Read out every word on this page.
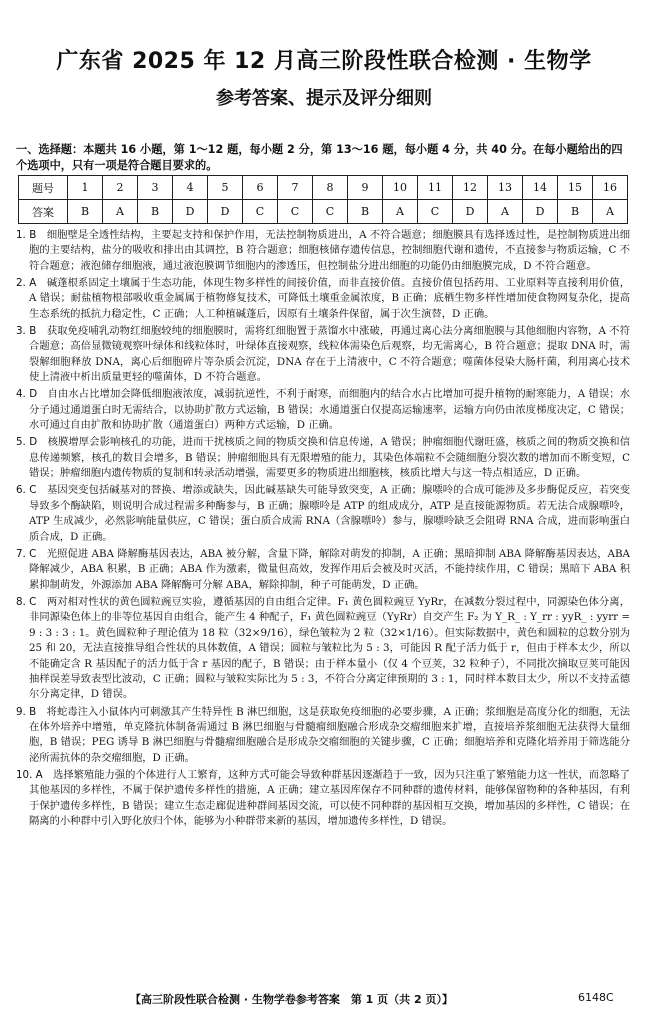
广东省 2025 年 12 月高三阶段性联合检测 · 生物学
参考答案、提示及评分细则
一、选择题：本题共 16 小题，第 1～12 题，每小题 2 分，第 13～16 题，每小题 4 分，共 40 分。在每小题给出的四个选项中，只有一项是符合题目要求的。
题号	1	2	3	4	5	6	7	8	9	10	11	12	13	14	15	16
答案	B	A	B	D	D	C	C	C	B	A	C	D	A	D	B	A

1. B　 细胞壁是全透性结构，主要起支持和保护作用，无法控制物质进出，A 不符合题意；细胞膜具有选择透过性，是控制物质进出细胞的主要结构，盐分的吸收和排出由其调控，B 符合题意；细胞核储存遗传信息，控制细胞代谢和遗传，不直接参与物质运输，C 不符合题意；液泡储存细胞液，通过液泡膜调节细胞内的渗透压，但控制盐分进出细胞的功能仍由细胞膜完成，D 不符合题意。

2. A　 碱蓬根系固定土壤属于生态功能，体现生物多样性的间接价值，而非直接价值。直接价值包括药用、工业原料等直接利用价值，A 错误；耐盐植物根部吸收重金属属于植物修复技术，可降低土壤重金属浓度，B 正确；底栖生物多样性增加使食物网复杂化，提高生态系统的抵抗力稳定性，C 正确；人工种植碱蓬后，因原有土壤条件保留，属于次生演替，D 正确。

3. B　 获取免疫哺乳动物红细胞较纯的细胞膜时，需将红细胞置于蒸馏水中涨破，再通过离心法分离细胞膜与其他细胞内容物，A 不符合题意；高倍显微镜观察叶绿体和线粒体时，叶绿体直接观察，线粒体需染色后观察，均无需离心，B 符合题意；提取 DNA 时，需裂解细胞释放 DNA，离心后细胞碎片等杂质会沉淀，DNA 存在于上清液中，C 不符合题意；噬菌体侵染大肠杆菌，利用离心技术使上清液中析出质量更轻的噬菌体，D 不符合题意。

4. D　 自由水占比增加会降低细胞液浓度，减弱抗逆性，不利于耐寒，而细胞内的结合水占比增加可提升植物的耐寒能力，A 错误；水分子通过通道蛋白时无需结合，以协助扩散方式运输，B 错误；水通道蛋白仅提高运输速率，运输方向仍由浓度梯度决定，C 错误；水可通过自由扩散和协助扩散（通道蛋白）两种方式运输，D 正确。

5. D　 核膜增厚会影响核孔的功能，进而干扰核质之间的物质交换和信息传递，A 错误；肿瘤细胞代谢旺盛，核质之间的物质交换和信息传递频繁，核孔的数目会增多，B 错误；肿瘤细胞具有无限增殖的能力，其染色体端粒不会随细胞分裂次数的增加而不断变短，C 错误；肿瘤细胞内遗传物质的复制和转录活动增强，需要更多的物质进出细胞核，核质比增大与这一特点相适应，D 正确。

6. C　 基因突变包括碱基对的替换、增添或缺失，因此碱基缺失可能导致突变，A 正确；腺嘌呤的合成可能涉及多步酶促反应，若突变导致多个酶缺陷，则说明合成过程需多种酶参与，B 正确；腺嘌呤是 ATP 的组成成分，ATP 是直接能源物质。若无法合成腺嘌呤，ATP 生成减少，必然影响能量供应，C 错误；蛋白质合成需 RNA（含腺嘌呤）参与，腺嘌呤缺乏会阻碍 RNA 合成，进而影响蛋白质合成，D 正确。

7. C　 光照促进 ABA 降解酶基因表达，ABA 被分解，含量下降，解除对萌发的抑制，A 正确；黑暗抑制 ABA 降解酶基因表达，ABA 降解减少，ABA 积累，B 正确；ABA 作为激素，微量但高效，发挥作用后会被及时灭活，不能持续作用，C 错误；黑暗下 ABA 积累抑制萌发，外源添加 ABA 降解酶可分解 ABA，解除抑制，种子可能萌发，D 正确。

8. C　 两对相对性状的黄色圆粒豌豆实验，遵循基因的自由组合定律。F₁ 黄色圆粒豌豆 YyRr，在减数分裂过程中，同源染色体分离，非同源染色体上的非等位基因自由组合，能产生 4 种配子，F₁ 黄色圆粒豌豆（YyRr）自交产生 F₂ 为 Y_R_ : Y_rr : yyR_ : yyrr = 9 : 3 : 3 : 1。黄色圆粒种子理论值为 18 粒（32×9/16），绿色皱粒为 2 粒（32×1/16）。但实际数据中，黄色和圆粒的总数分别为 25 和 20，无法直接推导组合性状的具体数值，A 错误；圆粒与皱粒比为 5 : 3，可能因 R 配子活力低于 r，但由于样本太少，所以不能确定含 R 基因配子的活力低于含 r 基因的配子，B 错误；由于样本量小（仅 4 个豆荚，32 粒种子），不同批次摘取豆荚可能因抽样误差导致表型比波动，C 正确；圆粒与皱粒实际比为 5 : 3，不符合分离定律预期的 3 : 1，同时样本数目太少，所以不支持孟德尔分离定律，D 错误。

9. B　 将蛇毒注入小鼠体内可刺激其产生特异性 B 淋巴细胞，这是获取免疫细胞的必要步骤，A 正确；浆细胞是高度分化的细胞，无法在体外培养中增殖，单克隆抗体制备需通过 B 淋巴细胞与骨髓瘤细胞融合形成杂交瘤细胞来扩增，直接培养浆细胞无法获得大量细胞，B 错误；PEG 诱导 B 淋巴细胞与骨髓瘤细胞融合是形成杂交瘤细胞的关键步骤，C 正确；细胞培养和克隆化培养用于筛选能分泌所需抗体的杂交瘤细胞，D 正确。

10. A　 选择繁殖能力强的个体进行人工繁育，这种方式可能会导致种群基因逐渐趋于一致，因为只注重了繁殖能力这一性状，而忽略了其他基因的多样性，不属于保护遗传多样性的措施，A 正确；建立基因库保存不同种群的遗传材料，能够保留物种的各种基因，有利于保护遗传多样性，B 错误；建立生态走廊促进种群间基因交流，可以使不同种群的基因相互交换，增加基因的多样性，C 错误；在隔离的小种群中引入野化放归个体，能够为小种群带来新的基因，增加遗传多样性，D 错误。

【高三阶段性联合检测 · 生物学卷参考答案　第 1 页（共 2 页）】	6148C
